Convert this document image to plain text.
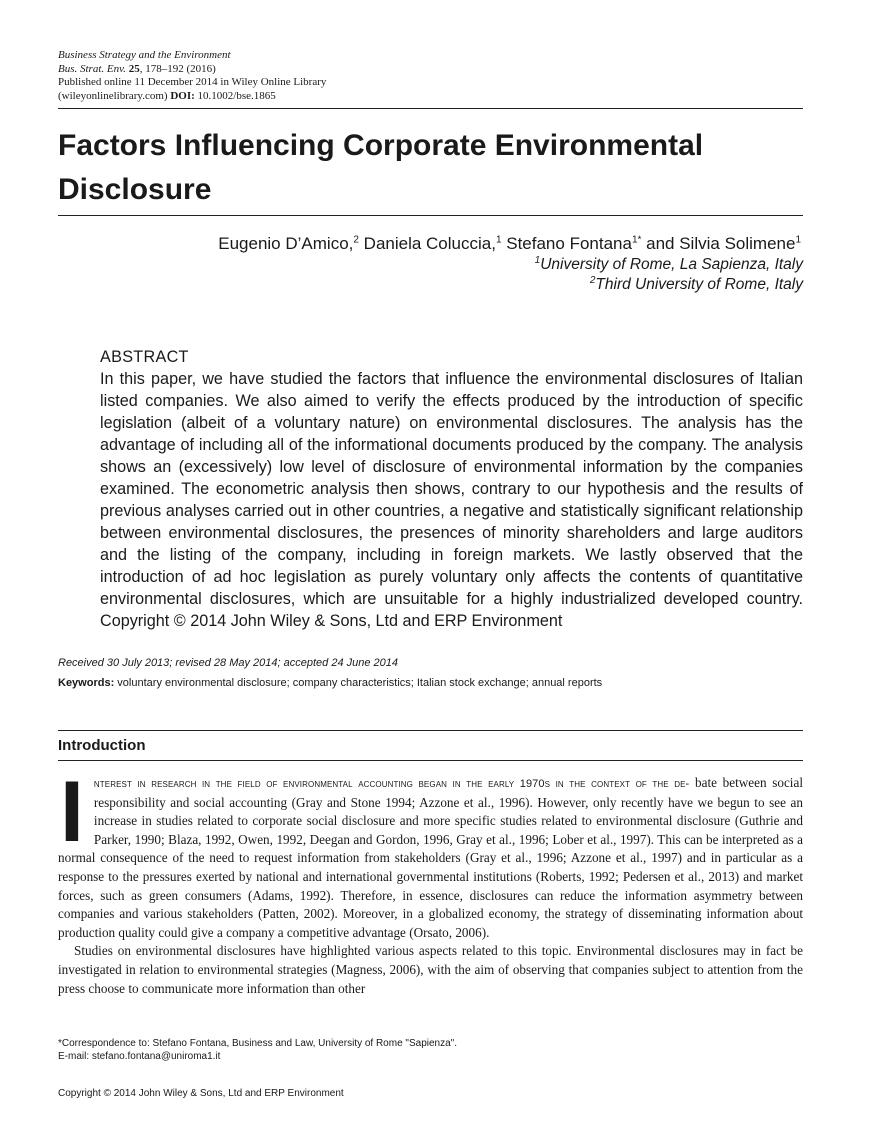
Business Strategy and the Environment
Bus. Strat. Env. 25, 178–192 (2016)
Published online 11 December 2014 in Wiley Online Library
(wileyonlinelibrary.com) DOI: 10.1002/bse.1865
Factors Influencing Corporate Environmental
Disclosure
Eugenio D’Amico,$^2$ Daniela Coluccia,$^1$ Stefano Fontana$^{1*}$ and Silvia Solimene$^1$
$^1$University of Rome, La Sapienza, Italy
$^2$Third University of Rome, Italy
ABSTRACT
In this paper, we have studied the factors that influence the environmental disclosures of Italian listed companies. We also aimed to verify the effects produced by the introduction of specific legislation (albeit of a voluntary nature) on environmental disclosures. The analysis has the advantage of including all of the informational documents produced by the company. The analysis shows an (excessively) low level of disclosure of environmental information by the companies examined. The econometric analysis then shows, contrary to our hypothesis and the results of previous analyses carried out in other countries, a negative and statistically significant relationship between environmental disclosures, the presences of minority shareholders and large auditors and the listing of the company, including in foreign markets. We lastly observed that the introduction of ad hoc legislation as purely voluntary only affects the contents of quantitative environmental disclosures, which are unsuitable for a highly industrialized developed country. Copyright © 2014 John Wiley & Sons, Ltd and ERP Environment
Received 30 July 2013; revised 28 May 2014; accepted 24 June 2014
Keywords: voluntary environmental disclosure; company characteristics; Italian stock exchange; annual reports
Introduction

Interest in research in the field of environmental accounting began in the early 1970s in the context of the de- bate between social responsibility and social accounting (Gray and Stone 1994; Azzone et al., 1996). However, only recently have we begun to see an increase in studies related to corporate social disclosure and more specific studies related to environmental disclosure (Guthrie and Parker, 1990; Blaza, 1992, Owen, 1992, Deegan and Gordon, 1996, Gray et al., 1996; Lober et al., 1997). This can be interpreted as a normal consequence of the need to request information from stakeholders (Gray et al., 1996; Azzone et al., 1997) and in particular as a response to the pressures exerted by national and international governmental institutions (Roberts, 1992; Pedersen et al., 2013) and market forces, such as green consumers (Adams, 1992). Therefore, in essence, disclosures can reduce the information asymmetry between companies and various stakeholders (Patten, 2002). Moreover, in a globalized economy, the strategy of disseminating information about production quality could give a company a competitive advantage (Orsato, 2006).

Studies on environmental disclosures have highlighted various aspects related to this topic. Environmental disclosures may in fact be investigated in relation to environmental strategies (Magness, 2006), with the aim of observing that companies subject to attention from the press choose to communicate more information than other

*Correspondence to: Stefano Fontana, Business and Law, University of Rome "Sapienza".
E-mail: stefano.fontana@uniroma1.it
Copyright © 2014 John Wiley & Sons, Ltd and ERP Environment
